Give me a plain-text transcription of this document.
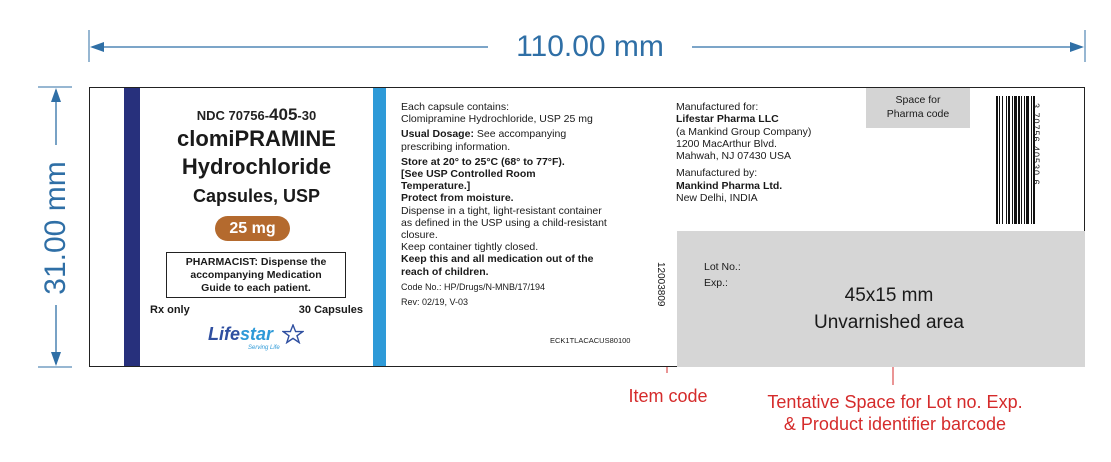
110.00 mm
31.00 mm
NDC 70756-405-30
clomiPRAMINE
Hydrochloride
Capsules, USP
25 mg
PHARMACIST: Dispense the
accompanying Medication
Guide to each patient.
Rx only	30 Capsules
Lifestar
Serving Life
Each capsule contains:
Clomipramine Hydrochloride, USP 25 mg
Usual Dosage: See accompanying
prescribing information.
Store at 20° to 25°C (68° to 77°F).
[See USP Controlled Room
Temperature.]
Protect from moisture.
Dispense in a tight, light-resistant container
as defined in the USP using a child-resistant
closure.
Keep container tightly closed.
Keep this and all medication out of the
reach of children.
Code No.: HP/Drugs/N-MNB/17/194
Rev: 02/19, V-03
ECK1TLACACUS80100
12003809
Manufactured for:
Lifestar Pharma LLC
(a Mankind Group Company)
1200 MacArthur Blvd.
Mahwah, NJ 07430 USA
Manufactured by:
Mankind Pharma Ltd.
New Delhi, INDIA
Space for
Pharma code	3 70756 40530 6
Lot No.:
Exp.:
45x15 mm
Unvarnished area
Item code	Tentative Space for Lot no. Exp.
& Product identifier barcode
